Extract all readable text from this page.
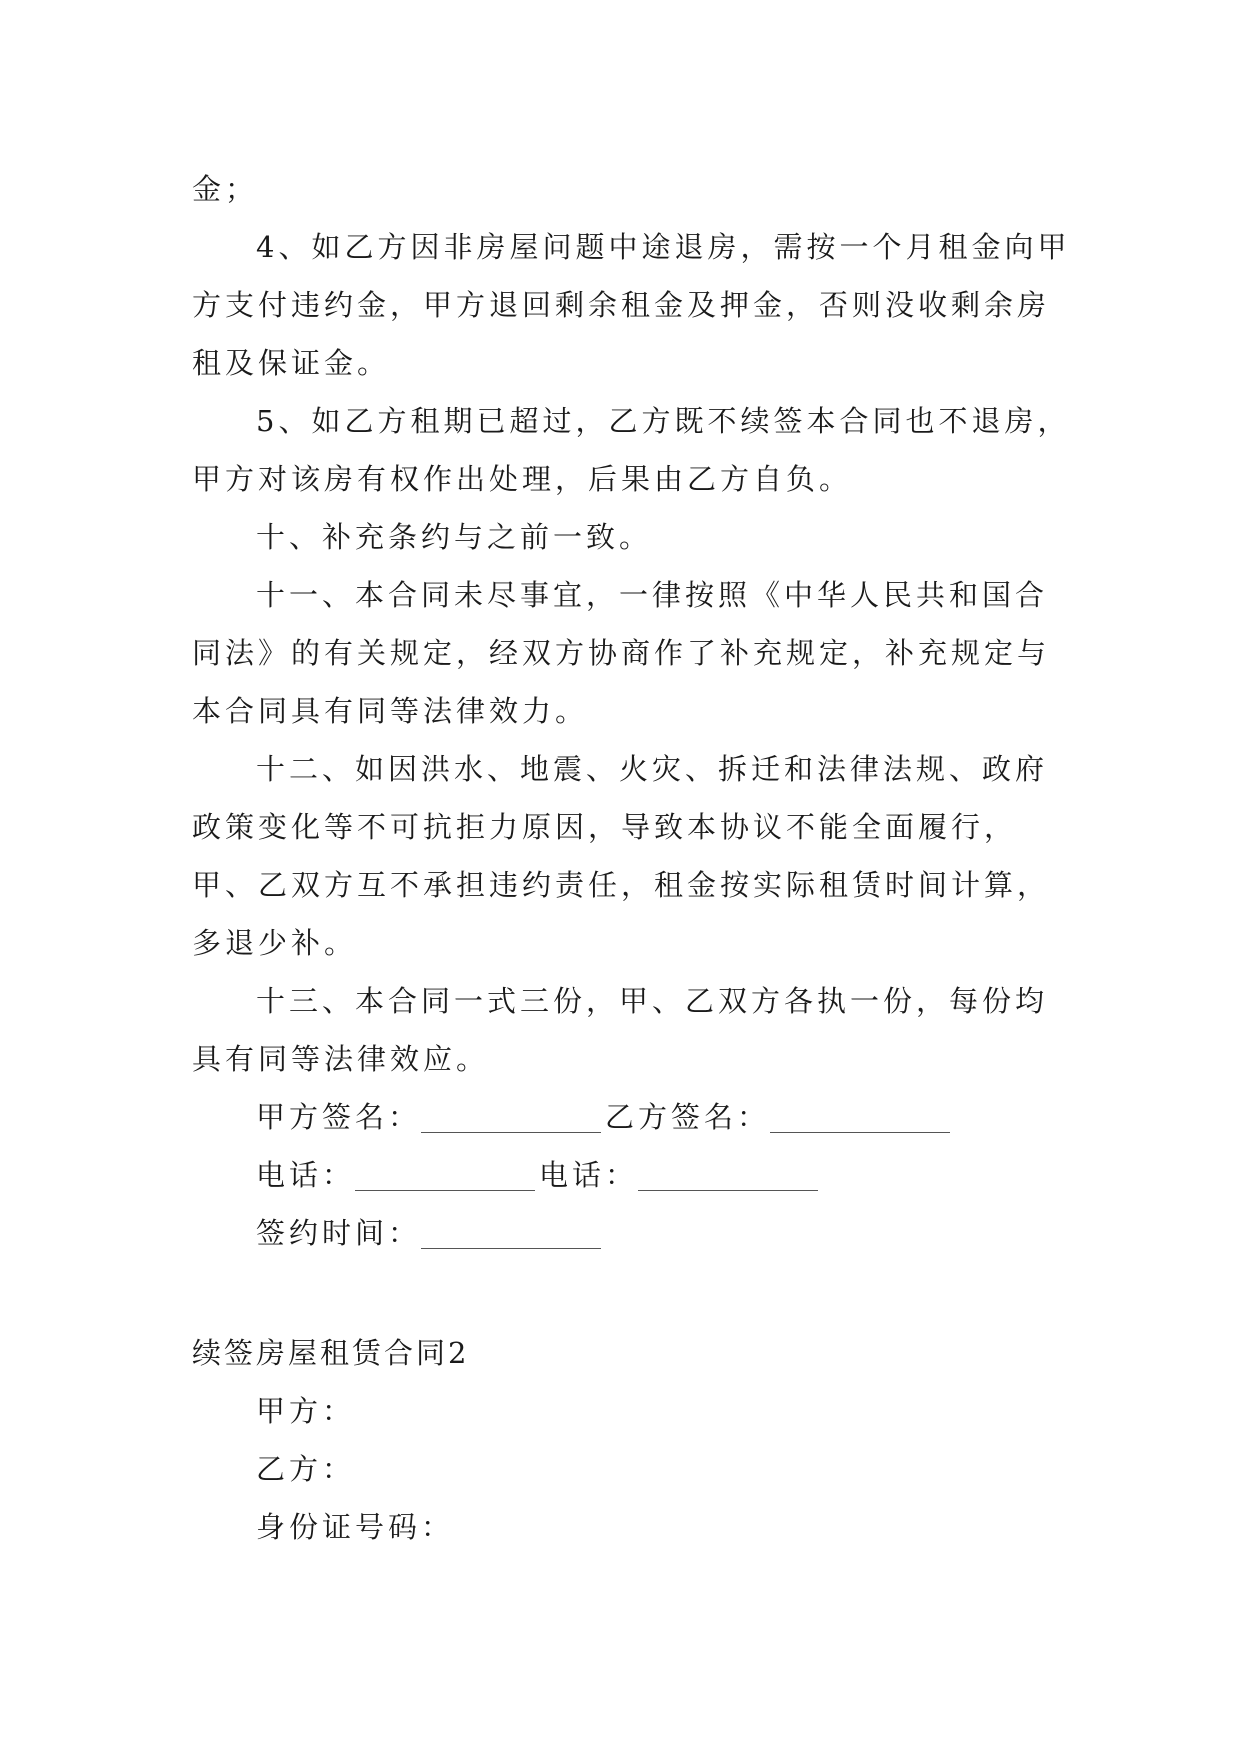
金；

4、如乙方因非房屋问题中途退房，需按一个月租金向甲方支付违约金，甲方退回剩余租金及押金，否则没收剩余房租及保证金。

5、如乙方租期已超过，乙方既不续签本合同也不退房，甲方对该房有权作出处理，后果由乙方自负。

十、补充条约与之前一致。

十一、本合同未尽事宜，一律按照《中华人民共和国合同法》的有关规定，经双方协商作了补充规定，补充规定与本合同具有同等法律效力。

十二、如因洪水、地震、火灾、拆迁和法律法规、政府政策变化等不可抗拒力原因，导致本协议不能全面履行，甲、乙双方互不承担违约责任，租金按实际租赁时间计算，多退少补。

十三、本合同一式三份，甲、乙双方各执一份，每份均具有同等法律效应。

甲方签名：	乙方签名：
电话：	电话：
签约时间：

续签房屋租赁合同2

甲方：
乙方：
身份证号码：
